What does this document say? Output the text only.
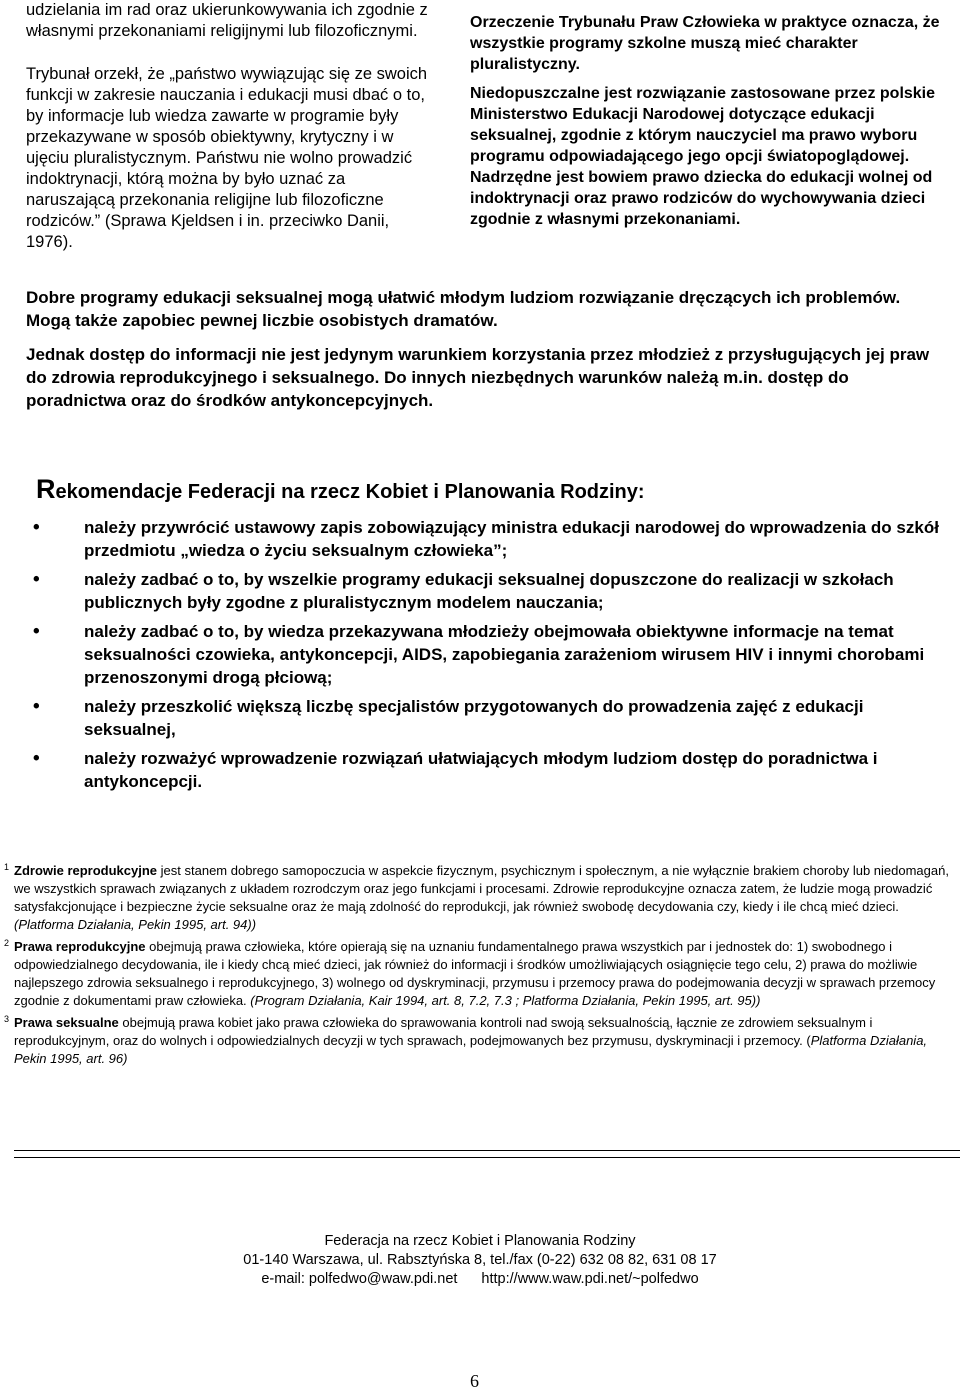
udzielania im rad oraz ukierunkowywania ich zgodnie z własnymi przekonaniami religijnymi lub filozoficznymi.

Trybunał orzekł, że „państwo wywiązując się ze swoich funkcji w zakresie nauczania i edukacji musi dbać o to, by informacje lub wiedza zawarte w programie były przekazywane w sposób obiektywny, krytyczny i w ujęciu pluralistycznym. Państwu nie wolno prowadzić indoktrynacji, którą można by było uznać za naruszającą przekonania religijne lub filozoficzne rodziców.” (Sprawa Kjeldsen i in. przeciwko Danii, 1976).

Orzeczenie Trybunału Praw Człowieka w praktyce oznacza, że wszystkie programy szkolne muszą mieć charakter pluralistyczny.

Niedopuszczalne jest rozwiązanie zastosowane przez polskie Ministerstwo Edukacji Narodowej dotyczące edukacji seksualnej, zgodnie z którym nauczyciel ma prawo wyboru programu odpowiadającego jego opcji światopoglądowej. Nadrzędne jest bowiem prawo dziecka do edukacji wolnej od indoktrynacji oraz prawo rodziców do wychowywania dzieci zgodnie z własnymi przekonaniami.

Dobre programy edukacji seksualnej mogą ułatwić młodym ludziom rozwiązanie dręczących ich problemów. Mogą także zapobiec pewnej liczbie osobistych dramatów.

Jednak dostęp do informacji nie jest jedynym warunkiem korzystania przez młodzież z przysługujących jej praw do zdrowia reprodukcyjnego i seksualnego. Do innych niezbędnych warunków należą m.in. dostęp do poradnictwa oraz do środków antykoncepcyjnych.

Rekomendacje Federacji na rzecz Kobiet i Planowania Rodziny:
•	należy przywrócić ustawowy zapis zobowiązujący ministra edukacji narodowej do wprowadzenia do szkół przedmiotu „wiedza o życiu seksualnym człowieka”;
•	należy zadbać o to, by wszelkie programy edukacji seksualnej dopuszczone do realizacji w szkołach publicznych były zgodne z pluralistycznym modelem nauczania;
•	należy zadbać o to, by wiedza przekazywana młodzieży obejmowała obiektywne informacje na temat seksualności czowieka, antykoncepcji, AIDS, zapobiegania zarażeniom wirusem HIV i innymi chorobami przenoszonymi drogą płciową;
•	należy przeszkolić większą liczbę specjalistów przygotowanych do prowadzenia zajęć z edukacji seksualnej,
•	należy rozważyć wprowadzenie rozwiązań ułatwiających młodym ludziom dostęp do poradnictwa i antykoncepcji.

1 Zdrowie reprodukcyjne jest stanem dobrego samopoczucia w aspekcie fizycznym, psychicznym i społecznym, a nie wyłącznie brakiem choroby lub niedomagań, we wszystkich sprawach związanych z układem rozrodczym oraz jego funkcjami i procesami. Zdrowie reprodukcyjne oznacza zatem, że ludzie mogą prowadzić satysfakcjonujące i bezpieczne życie seksualne oraz że mają zdolność do reprodukcji, jak również swobodę decydowania czy, kiedy i ile chcą mieć dzieci. (Platforma Działania, Pekin 1995, art. 94))

2 Prawa reprodukcyjne obejmują prawa człowieka, które opierają się na uznaniu fundamentalnego prawa wszystkich par i jednostek do: 1) swobodnego i odpowiedzialnego decydowania, ile i kiedy chcą mieć dzieci, jak również do informacji i środków umożliwiających osiągnięcie tego celu, 2) prawa do możliwie najlepszego zdrowia seksualnego i reprodukcyjnego, 3) wolnego od dyskryminacji, przymusu i przemocy prawa do podejmowania decyzji w sprawach przemocy zgodnie z dokumentami praw człowieka. (Program Działania, Kair 1994, art. 8, 7.2, 7.3 ; Platforma Działania, Pekin 1995, art. 95))

3 Prawa seksualne obejmują prawa kobiet jako prawa człowieka do sprawowania kontroli nad swoją seksualnością, łącznie ze zdrowiem seksualnym i reprodukcyjnym, oraz do wolnych i odpowiedzialnych decyzji w tych sprawach, podejmowanych bez przymusu, dyskryminacji i przemocy. (Platforma Działania, Pekin 1995, art. 96)

Federacja na rzecz Kobiet i Planowania Rodziny
01-140 Warszawa, ul. Rabsztyńska 8, tel./fax (0-22) 632 08 82, 631 08 17
e-mail: polfedwo@waw.pdi.net http://www.waw.pdi.net/~polfedwo

6
